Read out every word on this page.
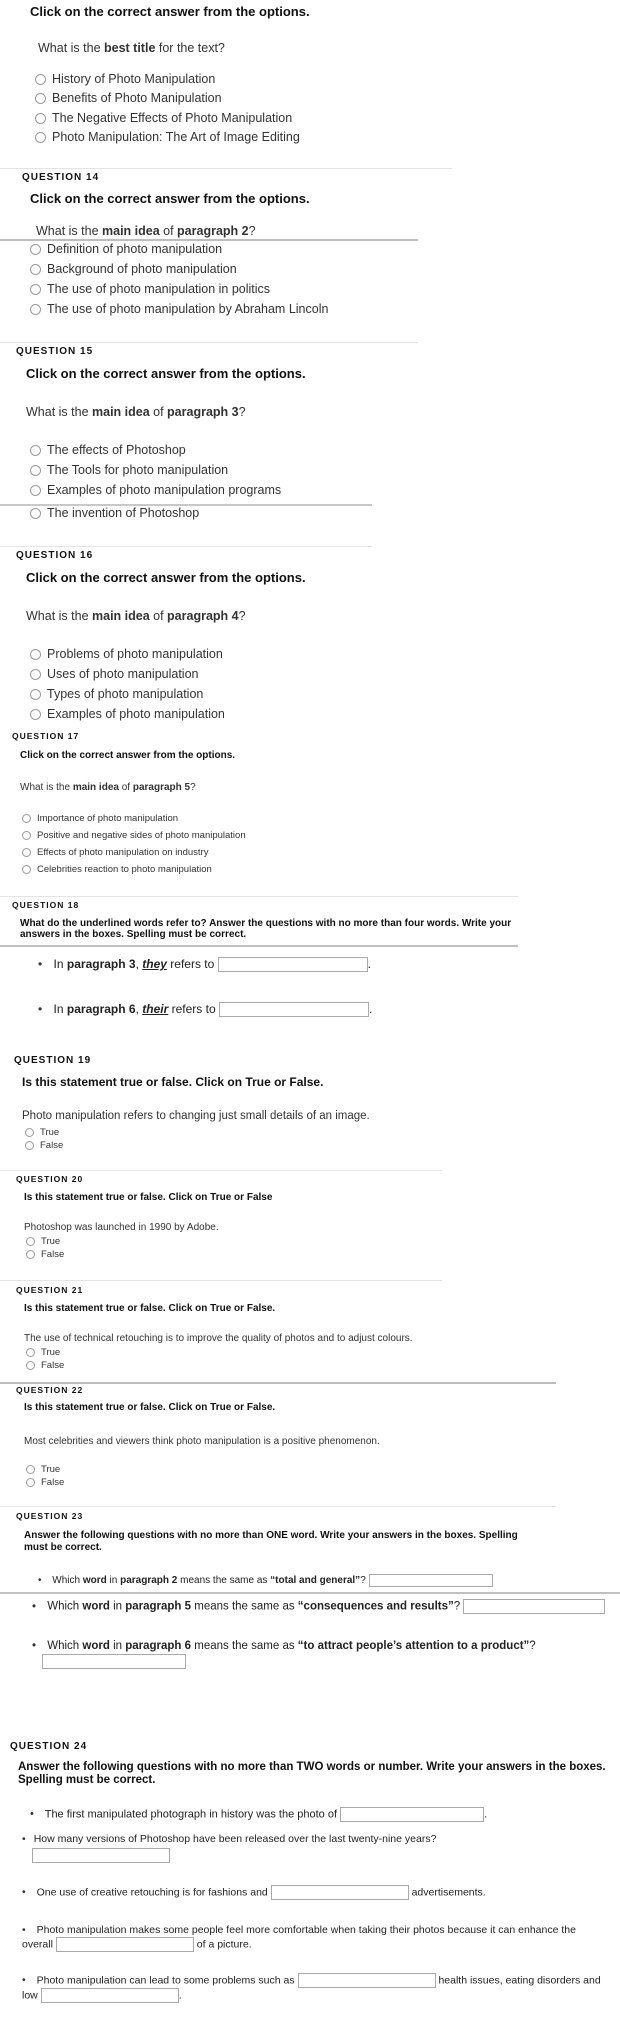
Click on the correct answer from the options.
What is the best title for the text?
History of Photo Manipulation
Benefits of Photo Manipulation
The Negative Effects of Photo Manipulation
Photo Manipulation: The Art of Image Editing
QUESTION 14
Click on the correct answer from the options.
What is the main idea of paragraph 2?
Definition of photo manipulation
Background of photo manipulation
The use of photo manipulation in politics
The use of photo manipulation by Abraham Lincoln
QUESTION 15
Click on the correct answer from the options.
What is the main idea of paragraph 3?
The effects of Photoshop
The Tools for photo manipulation
Examples of photo manipulation programs
The invention of Photoshop
QUESTION 16
Click on the correct answer from the options.
What is the main idea of paragraph 4?
Problems of photo manipulation
Uses of photo manipulation
Types of photo manipulation
Examples of photo manipulation
QUESTION 17
Click on the correct answer from the options.
What is the main idea of paragraph 5?
Importance of photo manipulation
Positive and negative sides of photo manipulation
Effects of photo manipulation on industry
Celebrities reaction to photo manipulation
QUESTION 18
What do the underlined words refer to? Answer the questions with no more than four words. Write your answers in the boxes. Spelling must be correct.
• In paragraph 3, they refers to	.
• In paragraph 6, their refers to	.
QUESTION 19
Is this statement true or false. Click on True or False.
Photo manipulation refers to changing just small details of an image.
True
False
QUESTION 20
Is this statement true or false. Click on True or False
Photoshop was launched in 1990 by Adobe.
True
False
QUESTION 21
Is this statement true or false. Click on True or False.
The use of technical retouching is to improve the quality of photos and to adjust colours.
True
False
QUESTION 22
Is this statement true or false. Click on True or False.
Most celebrities and viewers think photo manipulation is a positive phenomenon.
True
False
QUESTION 23
Answer the following questions with no more than ONE word. Write your answers in the boxes. Spelling must be correct.
• Which word in paragraph 2 means the same as “total and general”?
• Which word in paragraph 5 means the same as “consequences and results”?
• Which word in paragraph 6 means the same as “to attract people’s attention to a product”?
QUESTION 24
Answer the following questions with no more than TWO words or number. Write your answers in the boxes. Spelling must be correct.
• The first manipulated photograph in history was the photo of	.
• How many versions of Photoshop have been released over the last twenty-nine years?
• One use of creative retouching is for fashions and	advertisements.
• Photo manipulation makes some people feel more comfortable when taking their photos because it can enhance the overall	of a picture.
• Photo manipulation can lead to some problems such as	health issues, eating disorders and low	.
